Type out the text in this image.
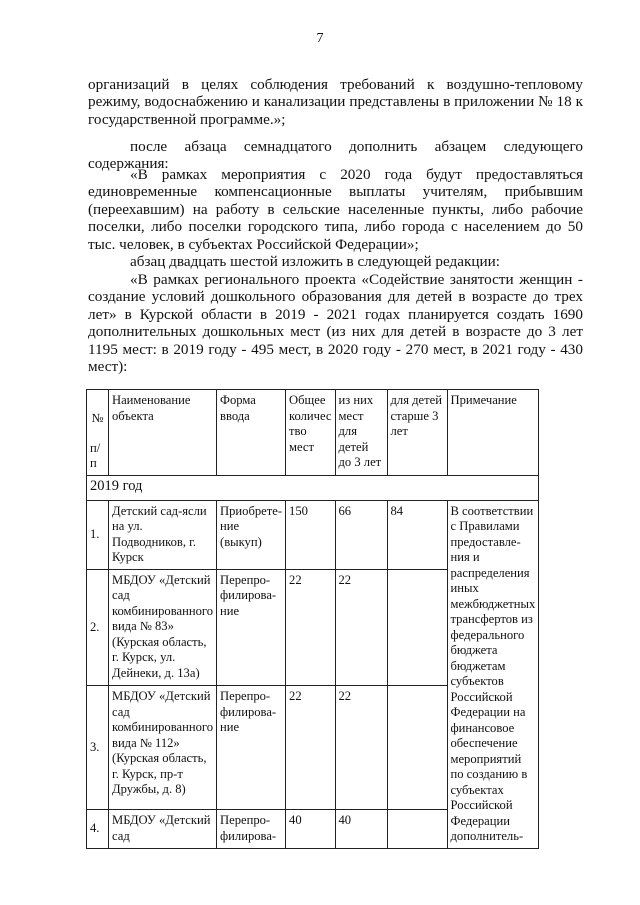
7

организаций в целях соблюдения требований к воздушно-тепловому режиму, водоснабжению и канализации представлены в приложении № 18 к государственной программе.»;

после абзаца семнадцатого дополнить абзацем следующего содержания:

«В рамках мероприятия с 2020 года будут предоставляться единовременные компенсационные выплаты учителям, прибывшим (переехавшим) на работу в сельские населенные пункты, либо рабочие поселки, либо поселки городского типа, либо города с населением до 50 тыс. человек, в субъектах Российской Федерации»;

абзац двадцать шестой изложить в следующей редакции:

«В рамках регионального проекта «Содействие занятости женщин - создание условий дошкольного образования для детей в возрасте до трех лет» в Курской области в 2019 - 2021 годах планируется создать 1690 дополнительных дошкольных мест (из них для детей в возрасте до 3 лет 1195 мест: в 2019 году - 495 мест, в 2020 году - 270 мест, в 2021 году - 430 мест):

№
п/п	Наименование объекта	Форма ввода	Общее количес тво мест	из них мест для детей до 3 лет	для детей старше 3 лет	Примечание
2019 год						
1.	Детский сад-ясли на ул. Подводников, г. Курск	Приобрете-ние (выкуп)	150	66	84	В соответствии с Правилами предоставле-ния и распределения иных межбюджетных трансфертов из федерального бюджета бюджетам субъектов Российской Федерации на финансовое обеспечение мероприятий по созданию в субъектах Российской Федерации дополнитель-
2.	МБДОУ «Детский сад комбинированного вида № 83» (Курская область, г. Курск, ул. Дейнеки, д. 13а)	Перепро-филирова-ние	22	22		
3.	МБДОУ «Детский сад комбинированного вида № 112» (Курская область, г. Курск, пр-т Дружбы, д. 8)	Перепро-филирова-ние	22	22		
4.	МБДОУ «Детский сад	Перепро-филирова-	40	40		
